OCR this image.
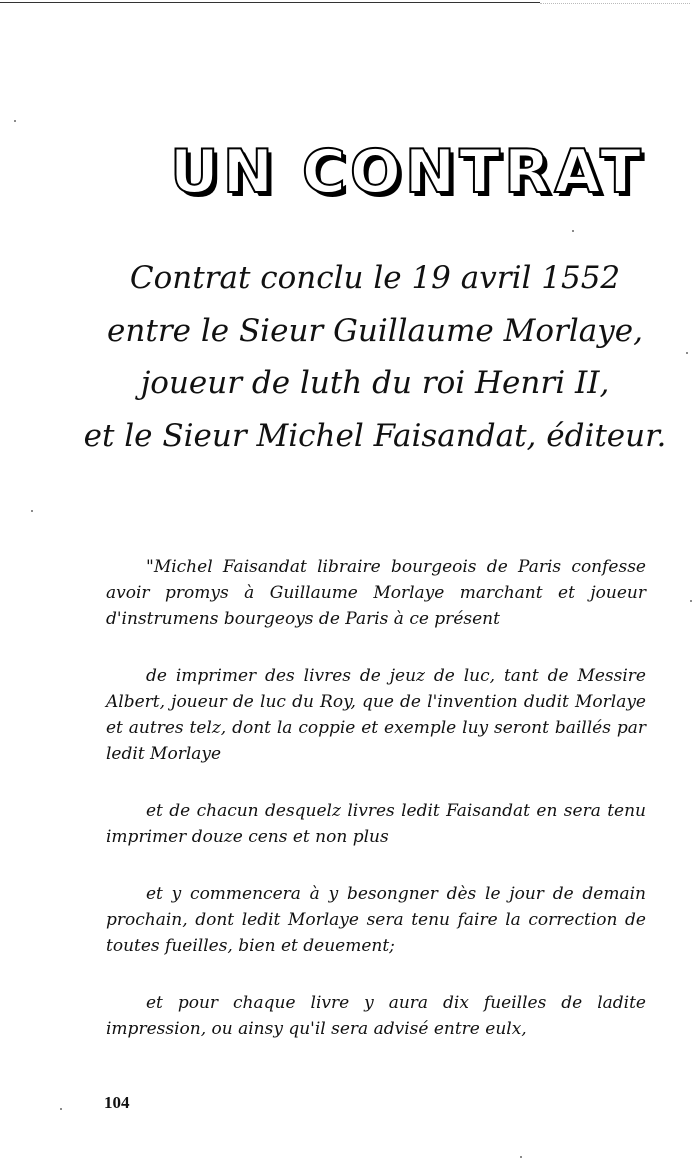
UN CONTRAT
Contrat conclu le 19 avril 1552
entre le Sieur Guillaume Morlaye,
joueur de luth du roi Henri II,
et le Sieur Michel Faisandat, éditeur.

"Michel Faisandat libraire bourgeois de Paris confesse avoir promys à Guillaume Morlaye marchant et joueur d'instrumens bourgeoys de Paris à ce présent

de imprimer des livres de jeuz de luc, tant de Messire Albert, joueur de luc du Roy, que de l'invention dudit Morlaye et autres telz, dont la coppie et exemple luy seront baillés par ledit Morlaye

et de chacun desquelz livres ledit Faisandat en sera tenu imprimer douze cens et non plus

et y commencera à y besongner dès le jour de demain prochain, dont ledit Morlaye sera tenu faire la correction de toutes fueilles, bien et deuement;

et pour chaque livre y aura dix fueilles de ladite impression, ou ainsy qu'il sera advisé entre eulx,

104
